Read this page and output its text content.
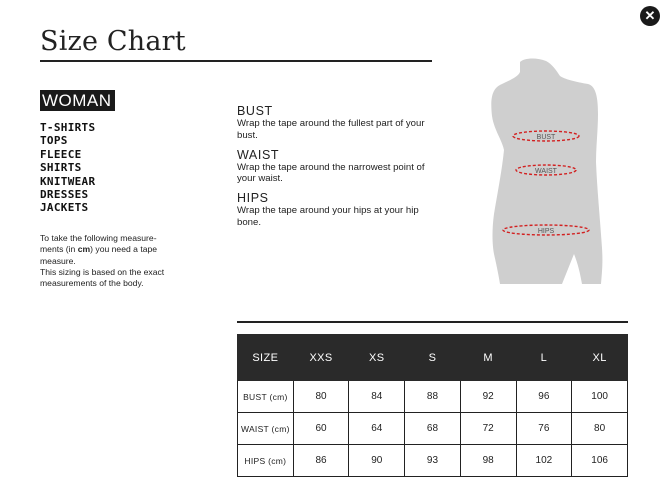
✕
Size Chart
WOMAN
T-SHIRTS
TOPS
FLEECE
SHIRTS
KNITWEAR
DRESSES
JACKETS
To take the following measure-
ments (in cm) you need a tape
measure.
This sizing is based on the exact
measurements of the body.
BUST
Wrap the tape around the fullest part of your bust.
WAIST
Wrap the tape around the narrowest point of your waist.
HIPS
Wrap the tape around your hips at your hip bone.
BUST
WAIST
HIPS
SIZE	XXS	XS	S	M	L	XL
BUST (cm)	80	84	88	92	96	100
WAIST (cm)	60	64	68	72	76	80
HIPS (cm)	86	90	93	98	102	106
